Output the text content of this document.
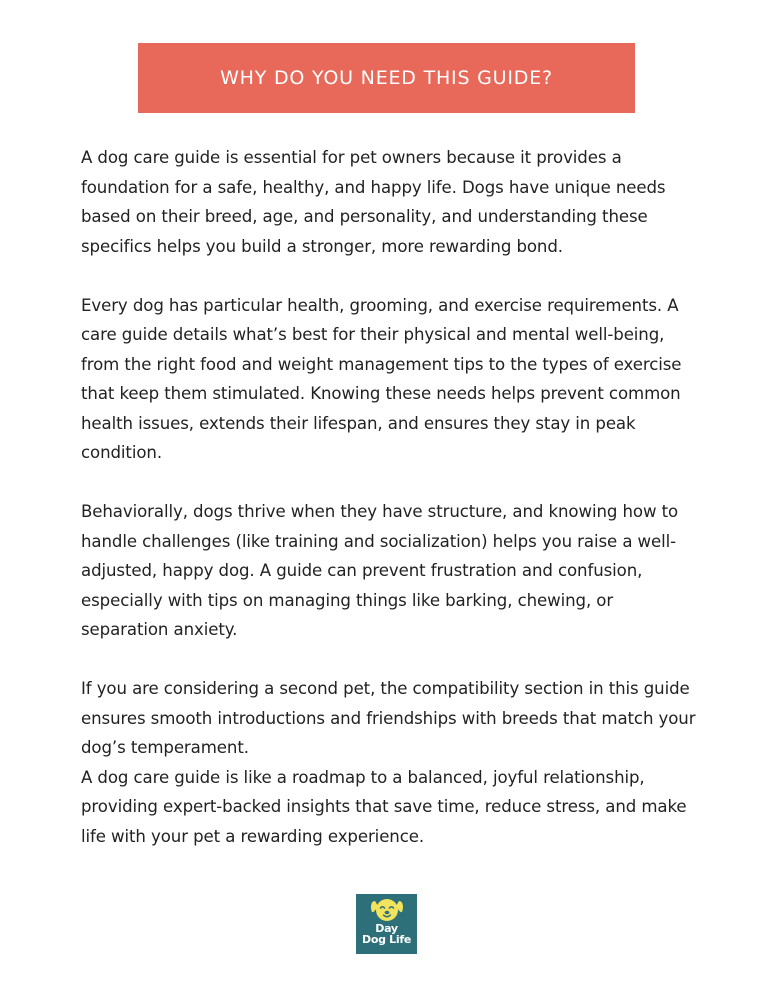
WHY DO YOU NEED THIS GUIDE?

A dog care guide is essential for pet owners because it provides a foundation for a safe, healthy, and happy life. Dogs have unique needs based on their breed, age, and personality, and understanding these specifics helps you build a stronger, more rewarding bond.

Every dog has particular health, grooming, and exercise requirements. A care guide details what’s best for their physical and mental well-being, from the right food and weight management tips to the types of exercise that keep them stimulated. Knowing these needs helps prevent common health issues, extends their lifespan, and ensures they stay in peak condition.

Behaviorally, dogs thrive when they have structure, and knowing how to handle challenges (like training and socialization) helps you raise a well-adjusted, happy dog. A guide can prevent frustration and confusion, especially with tips on managing things like barking, chewing, or separation anxiety.

If you are considering a second pet, the compatibility section in this guide ensures smooth introductions and friendships with breeds that match your dog’s temperament.

A dog care guide is like a roadmap to a balanced, joyful relationship, providing expert-backed insights that save time, reduce stress, and make life with your pet a rewarding experience.

Day
Dog Life
